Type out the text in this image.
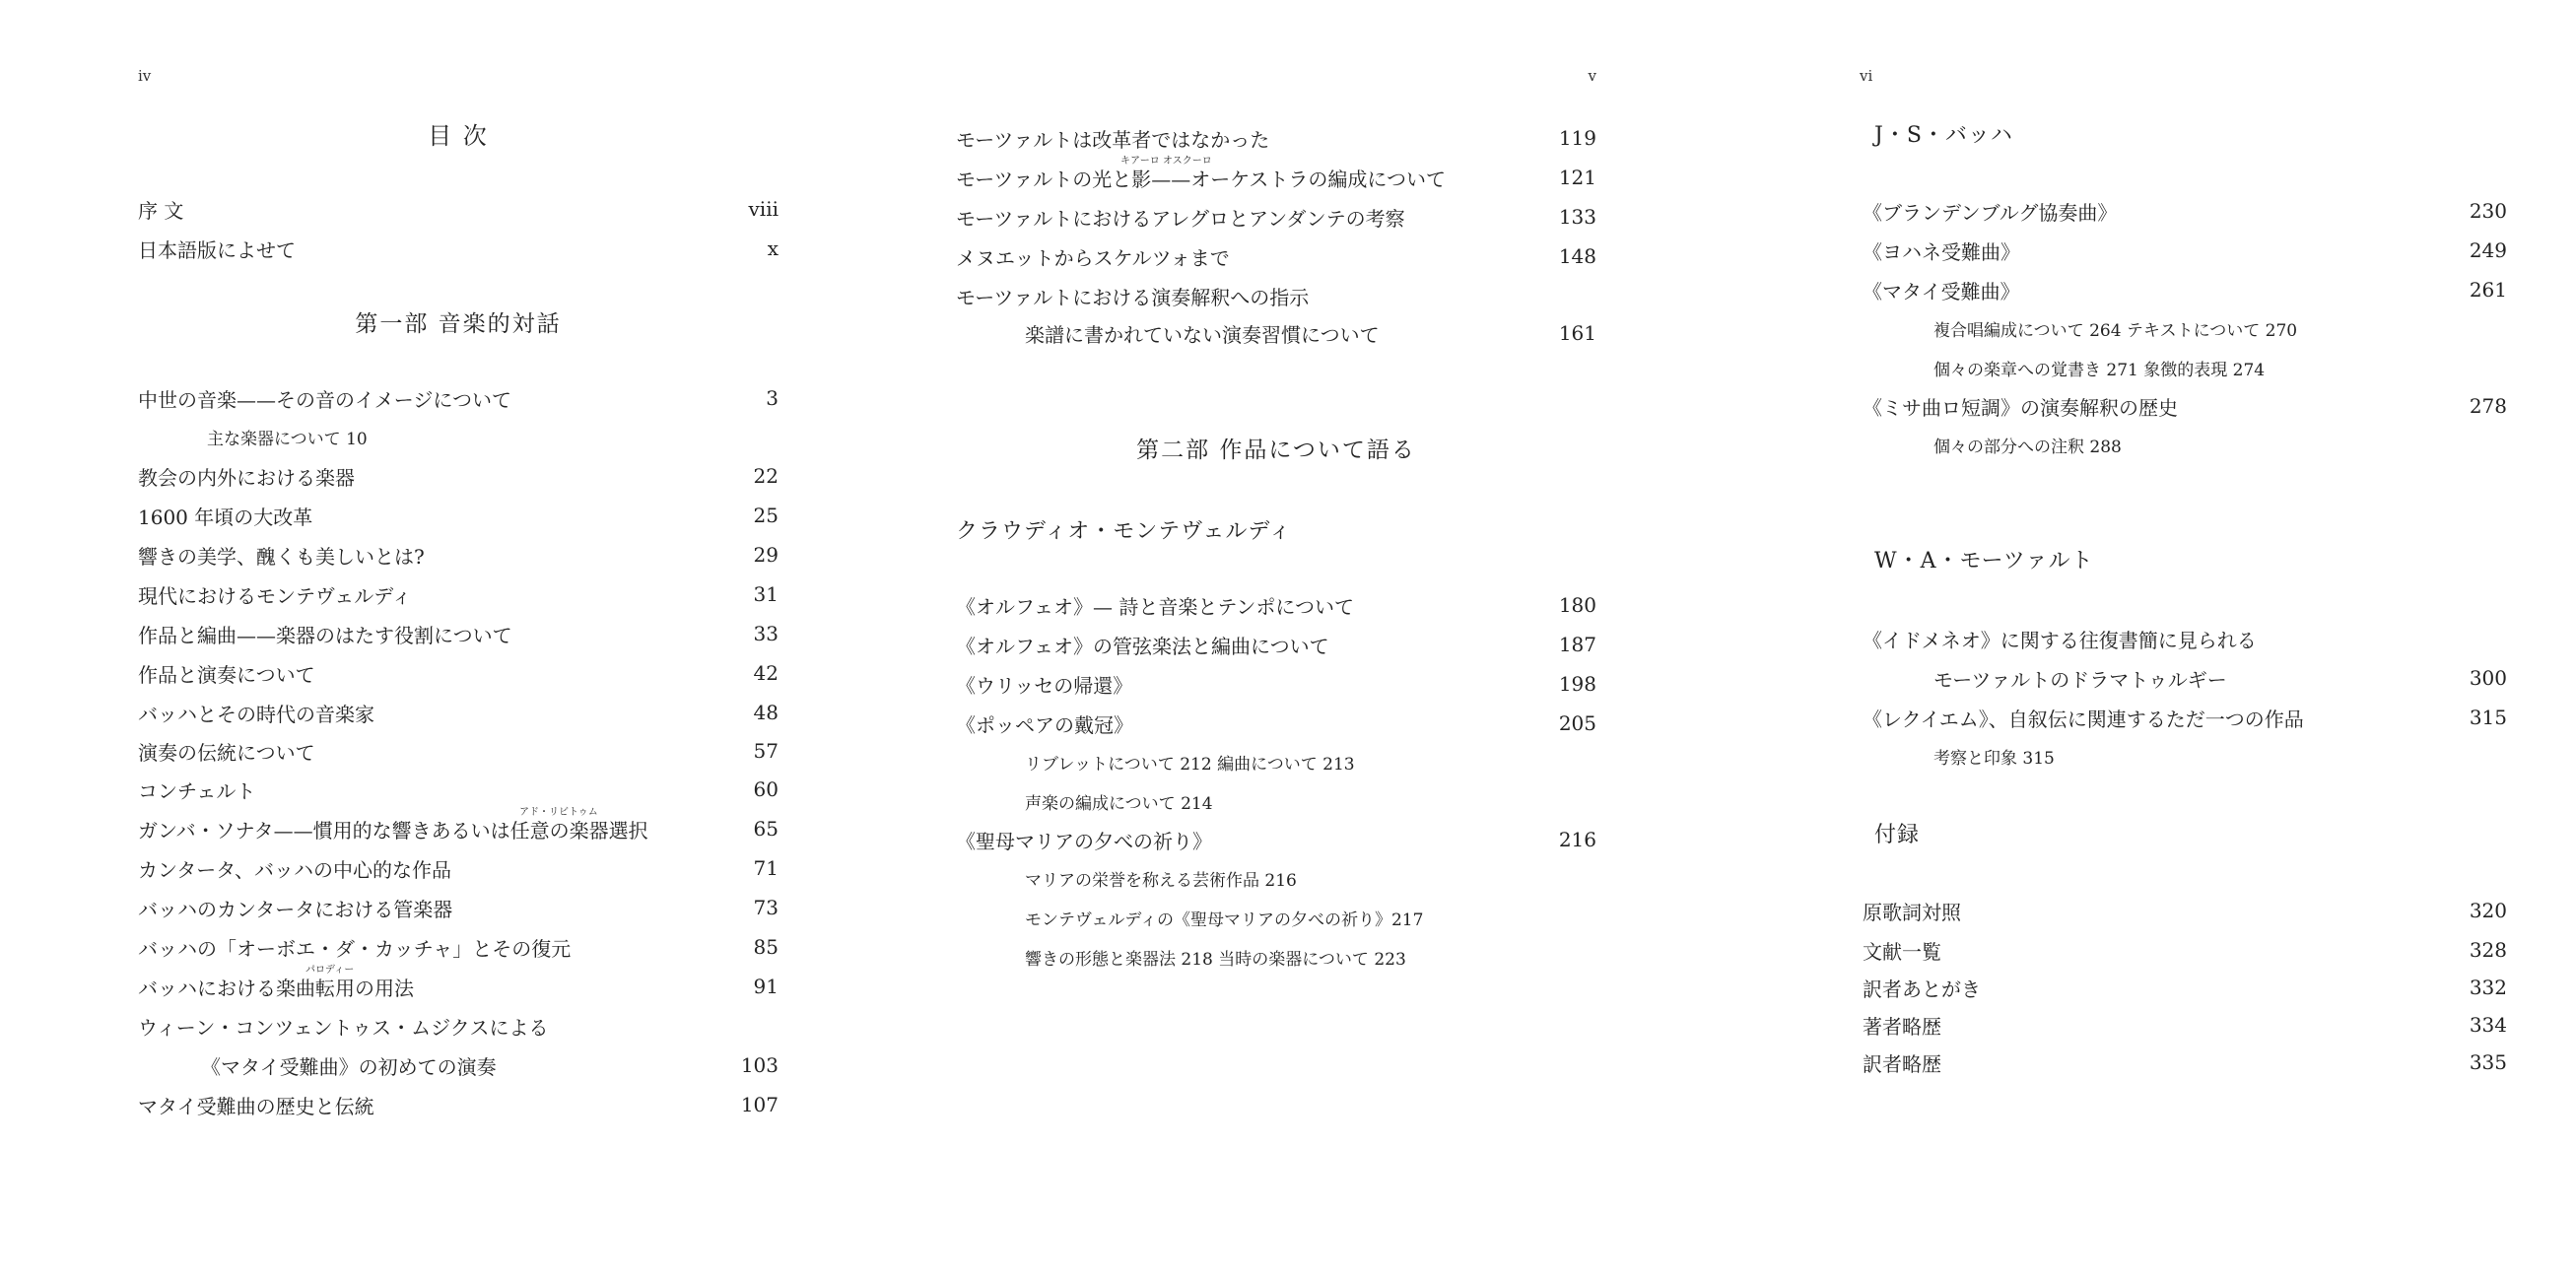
iv
目 次
序 文	viii
日本語版によせて	x
第一部 音楽的対話
中世の音楽——その音のイメージについて	3
主な楽器について 10
教会の内外における楽器	22
1600 年頃の大改革	25
響きの美学、醜くも美しいとは?	29
現代におけるモンテヴェルディ	31
作品と編曲——楽器のはたす役割について	33
作品と演奏について	42
バッハとその時代の音楽家	48
演奏の伝統について	57
コンチェルト	60
アド・リビトゥム
ガンバ・ソナタ——慣用的な響きあるいは任意の楽器選択	65
カンタータ、バッハの中心的な作品	71
バッハのカンタータにおける管楽器	73
バッハの「オーボエ・ダ・カッチャ」とその復元	85
パロディー
バッハにおける楽曲転用の用法	91
ウィーン・コンツェントゥス・ムジクスによる
《マタイ受難曲》の初めての演奏	103
マタイ受難曲の歴史と伝統	107
v
モーツァルトは改革者ではなかった	119
キアーロ オスクーロ
モーツァルトの光と影——オーケストラの編成について	121
モーツァルトにおけるアレグロとアンダンテの考察	133
メヌエットからスケルツォまで	148
モーツァルトにおける演奏解釈への指示
楽譜に書かれていない演奏習慣について	161
第二部 作品について語る
クラウディオ・モンテヴェルディ
《オルフェオ》— 詩と音楽とテンポについて	180
《オルフェオ》の管弦楽法と編曲について	187
《ウリッセの帰還》	198
《ポッペアの戴冠》	205
リブレットについて 212 編曲について 213
声楽の編成について 214
《聖母マリアの夕べの祈り》	216
マリアの栄誉を称える芸術作品 216
モンテヴェルディの《聖母マリアの夕べの祈り》217
響きの形態と楽器法 218 当時の楽器について 223
vi
J・S・バッハ
《ブランデンブルグ協奏曲》	230
《ヨハネ受難曲》	249
《マタイ受難曲》	261
複合唱編成について 264 テキストについて 270
個々の楽章への覚書き 271 象徴的表現 274
《ミサ曲ロ短調》の演奏解釈の歴史	278
個々の部分への注釈 288
W・A・モーツァルト
《イドメネオ》に関する往復書簡に見られる
モーツァルトのドラマトゥルギー	300
《レクイエム》、自叙伝に関連するただ一つの作品	315
考察と印象 315
付録
原歌詞対照	320
文献一覧	328
訳者あとがき	332
著者略歴	334
訳者略歴	335
